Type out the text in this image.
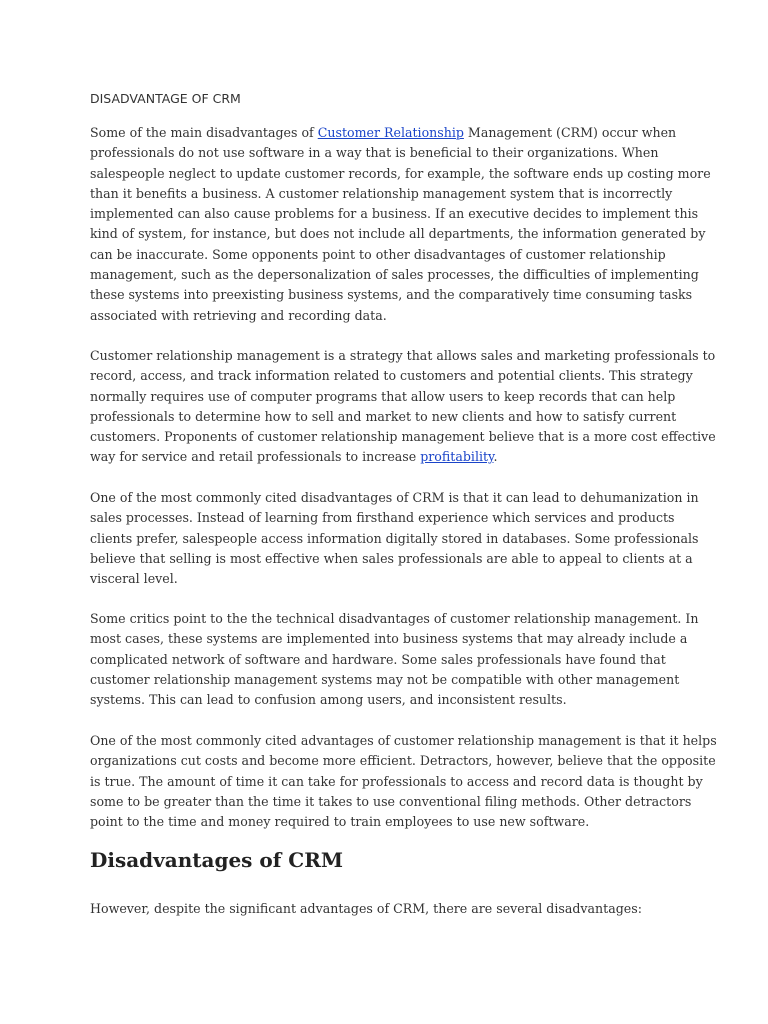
DISADVANTAGE OF CRM

Some of the main disadvantages of Customer Relationship Management (CRM) occur when
professionals do not use software in a way that is beneficial to their organizations. When
salespeople neglect to update customer records, for example, the software ends up costing more
than it benefits a business. A customer relationship management system that is incorrectly
implemented can also cause problems for a business. If an executive decides to implement this
kind of system, for instance, but does not include all departments, the information generated by
can be inaccurate. Some opponents point to other disadvantages of customer relationship
management, such as the depersonalization of sales processes, the difficulties of implementing
these systems into preexisting business systems, and the comparatively time consuming tasks
associated with retrieving and recording data.

Customer relationship management is a strategy that allows sales and marketing professionals to
record, access, and track information related to customers and potential clients. This strategy
normally requires use of computer programs that allow users to keep records that can help
professionals to determine how to sell and market to new clients and how to satisfy current
customers. Proponents of customer relationship management believe that is a more cost effective
way for service and retail professionals to increase profitability.

One of the most commonly cited disadvantages of CRM is that it can lead to dehumanization in
sales processes. Instead of learning from firsthand experience which services and products
clients prefer, salespeople access information digitally stored in databases. Some professionals
believe that selling is most effective when sales professionals are able to appeal to clients at a
visceral level.

Some critics point to the the technical disadvantages of customer relationship management. In
most cases, these systems are implemented into business systems that may already include a
complicated network of software and hardware. Some sales professionals have found that
customer relationship management systems may not be compatible with other management
systems. This can lead to confusion among users, and inconsistent results.

One of the most commonly cited advantages of customer relationship management is that it helps
organizations cut costs and become more efficient. Detractors, however, believe that the opposite
is true. The amount of time it can take for professionals to access and record data is thought by
some to be greater than the time it takes to use conventional filing methods. Other detractors
point to the time and money required to train employees to use new software.

Disadvantages of CRM

However, despite the significant advantages of CRM, there are several disadvantages:
